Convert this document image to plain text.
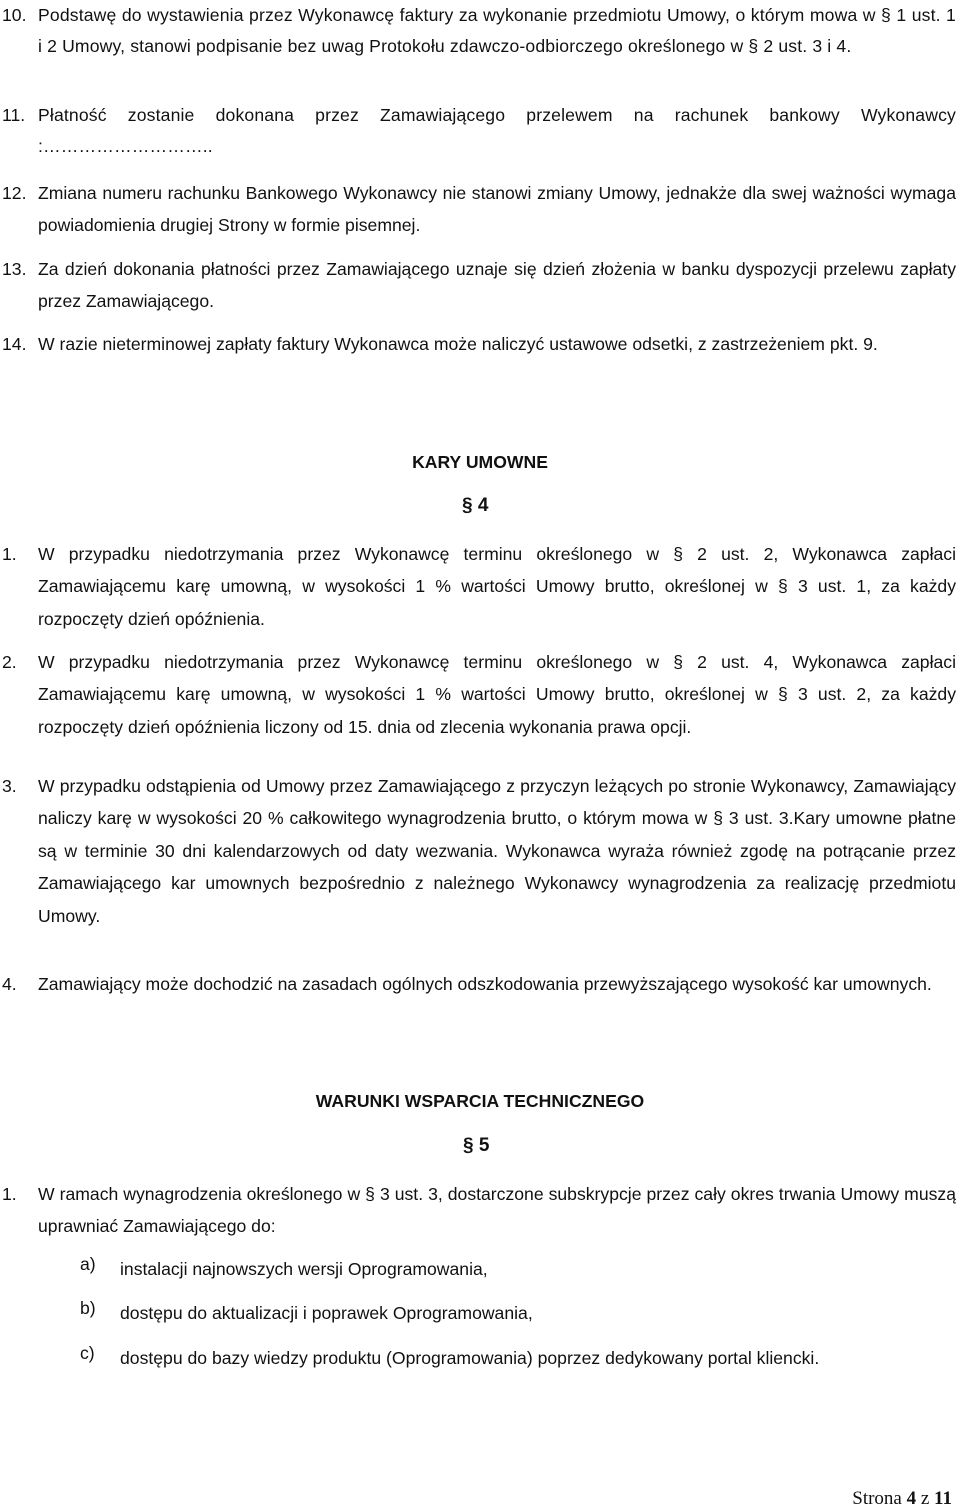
10. Podstawę do wystawienia przez Wykonawcę faktury za wykonanie przedmiotu Umowy, o którym mowa w § 1 ust. 1 i 2 Umowy, stanowi podpisanie bez uwag Protokołu zdawczo-odbiorczego określonego w § 2 ust. 3 i 4.
11. Płatność zostanie dokonana przez Zamawiającego przelewem na rachunek bankowy Wykonawcy :………………………..
12. Zmiana numeru rachunku Bankowego Wykonawcy nie stanowi zmiany Umowy, jednakże dla swej ważności wymaga powiadomienia drugiej Strony w formie pisemnej.
13. Za dzień dokonania płatności przez Zamawiającego uznaje się dzień złożenia w banku dyspozycji przelewu zapłaty przez Zamawiającego.
14. W razie nieterminowej zapłaty faktury Wykonawca może naliczyć ustawowe odsetki, z zastrzeżeniem pkt. 9.
KARY UMOWNE
§ 4
1. W przypadku niedotrzymania przez Wykonawcę terminu określonego w § 2 ust. 2, Wykonawca zapłaci Zamawiającemu karę umowną, w wysokości 1 % wartości Umowy brutto, określonej w § 3 ust. 1, za każdy rozpoczęty dzień opóźnienia.
2. W przypadku niedotrzymania przez Wykonawcę terminu określonego w § 2 ust. 4, Wykonawca zapłaci Zamawiającemu karę umowną, w wysokości 1 % wartości Umowy brutto, określonej w § 3 ust. 2, za każdy rozpoczęty dzień opóźnienia liczony od 15. dnia od zlecenia wykonania prawa opcji.
3. W przypadku odstąpienia od Umowy przez Zamawiającego z przyczyn leżących po stronie Wykonawcy, Zamawiający naliczy karę w wysokości 20 % całkowitego wynagrodzenia brutto, o którym mowa w § 3 ust. 3.Kary umowne płatne są w terminie 30 dni kalendarzowych od daty wezwania. Wykonawca wyraża również zgodę na potrącanie przez Zamawiającego kar umownych bezpośrednio z należnego Wykonawcy wynagrodzenia za realizację przedmiotu Umowy.
4. Zamawiający może dochodzić na zasadach ogólnych odszkodowania przewyższającego wysokość kar umownych.
WARUNKI WSPARCIA TECHNICZNEGO
§ 5
1. W ramach wynagrodzenia określonego w § 3 ust. 3, dostarczone subskrypcje przez cały okres trwania Umowy muszą uprawniać Zamawiającego do:
a) instalacji najnowszych wersji Oprogramowania,
b) dostępu do aktualizacji i poprawek Oprogramowania,
c) dostępu do bazy wiedzy produktu (Oprogramowania) poprzez dedykowany portal kliencki.
Strona 4 z 11
